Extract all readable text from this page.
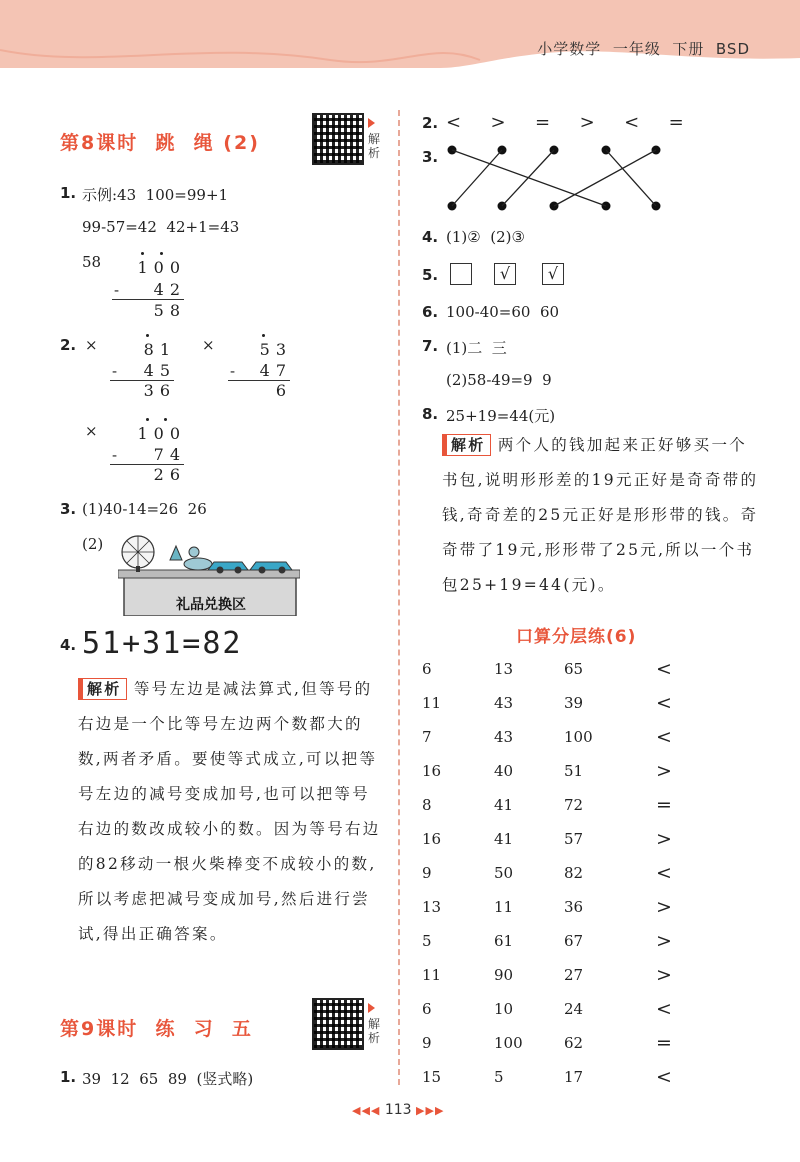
小学数学  一年级  下册  BSD
第8课时  跳  绳 (2)	解析
1. 示例:43  100=99+1
99-57=42  42+1=43
58	100
-	42
58
2. ×	81
-	45
36
×	53
-	47
6
×	100
-	74
26
3. (1)40-14=26  26
(2)
礼品兑换区
4. 51+31=82
解析 等号左边是减法算式,但等号的右边是一个比等号左边两个数都大的数,两者矛盾。要使等式成立,可以把等号左边的减号变成加号,也可以把等号右边的数改成较小的数。因为等号右边的82移动一根火柴棒变不成较小的数,所以考虑把减号变成加号,然后进行尝试,得出正确答案。
第9课时  练  习  五	解析
1. 39  12  65  89  (竖式略)
2. <  >  =  >  <  =
3.
4. (1)②  (2)③
5.	√	√
6. 100-40=60  60
7. (1)二  三
(2)58-49=9  9
8. 25+19=44(元)
解析 两个人的钱加起来正好够买一个书包,说明形形差的19元正好是奇奇带的钱,奇奇差的25元正好是形形带的钱。奇奇带了19元,形形带了25元,所以一个书包25+19=44(元)。
口算分层练(6)
6	13	65	<
11	43	39	<
7	43	100	<
16	40	51	>
8	41	72	=
16	41	57	>
9	50	82	<
13	11	36	>
5	61	67	>
11	90	27	>
6	10	24	<
9	100	62	=
15	5	17	<
◀◀◀ 113 ▶▶▶
